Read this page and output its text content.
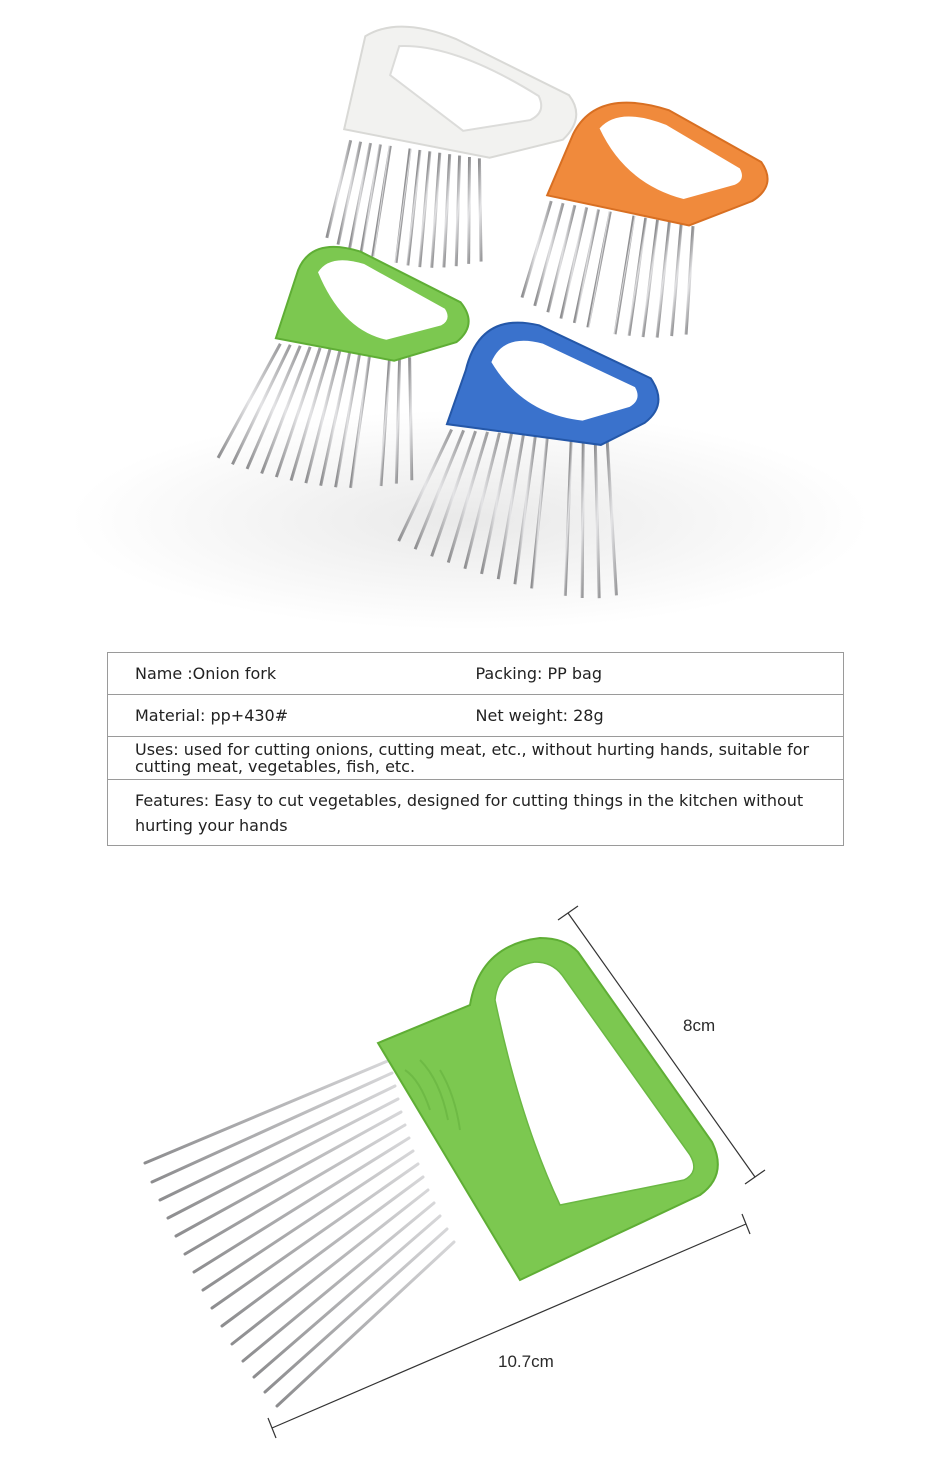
Name :Onion fork	Packing: PP bag
Material: pp+430#	Net weight: 28g
Uses: used for cutting onions, cutting meat, etc., without hurting hands, suitable for cutting meat, vegetables, fish, etc.	
Features: Easy to cut vegetables, designed for cutting things in the kitchen without hurting your hands	
8cm
10.7cm
